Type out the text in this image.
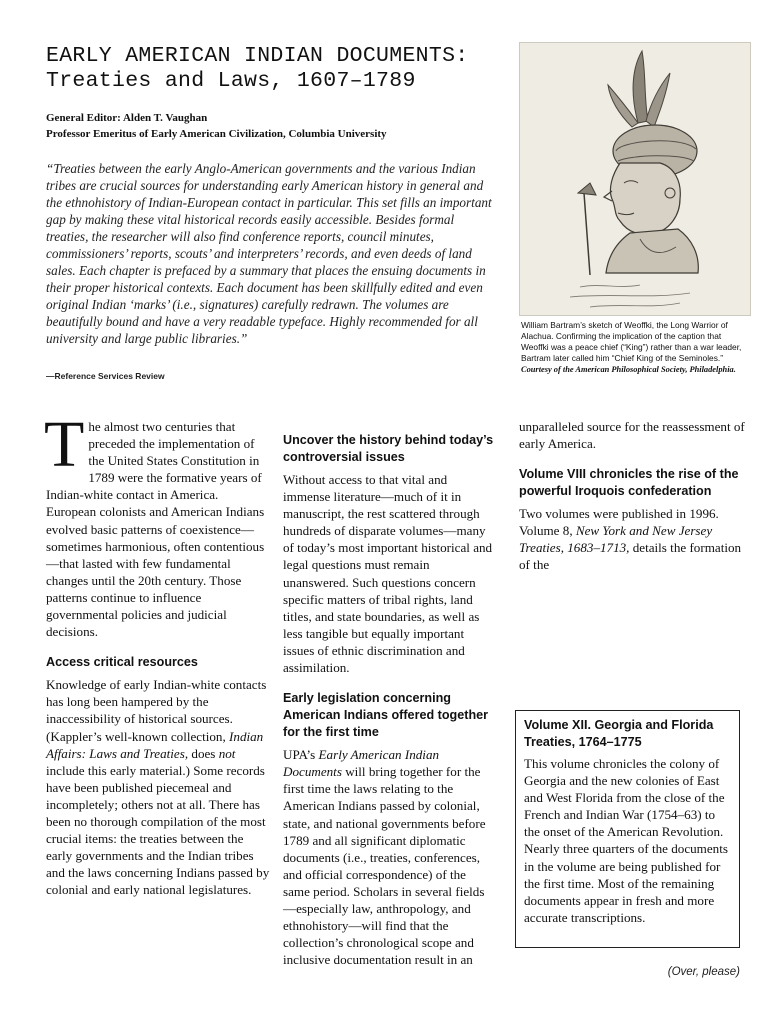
EARLY AMERICAN INDIAN DOCUMENTS:
Treaties and Laws, 1607–1789
General Editor: Alden T. Vaughan
Professor Emeritus of Early American Civilization, Columbia University
“Treaties between the early Anglo-American governments and the various Indian tribes are crucial sources for understanding early American history in general and the ethnohistory of Indian-European contact in particular. This set fills an important gap by making these vital historical records easily accessible. Besides formal treaties, the researcher will also find conference reports, council minutes, commissioners’ reports, scouts’ and interpreters’ records, and even deeds of land sales. Each chapter is prefaced by a summary that places the ensuing documents in their proper historical contexts. Each document has been skillfully edited and even original Indian ‘marks’ (i.e., signatures) carefully redrawn. The volumes are beautifully bound and have a very readable typeface. Highly recommended for all university and large public libraries.”
—Reference Services Review
William Bartram’s sketch of Weoffki, the Long Warrior of Alachua. Confirming the implication of the caption that Weoffki was a peace chief (“King”) rather than a war leader, Bartram later called him “Chief King of the Seminoles.” Courtesy of the American Philosophical Society, Philadelphia.

The almost two centuries that preceded the implementation of the United States Constitution in 1789 were the formative years of Indian-white contact in America. European colonists and American Indians evolved basic patterns of coexistence—sometimes harmonious, often contentious—that lasted with few fundamental changes until the 20th century. Those patterns continue to influence governmental policies and judicial decisions.

Access critical resources

Knowledge of early Indian-white contacts has long been hampered by the inaccessibility of historical sources. (Kappler’s well-known collection, Indian Affairs: Laws and Treaties, does not include this early material.) Some records have been published piecemeal and incompletely; others not at all. There has been no thorough compilation of the most crucial items: the treaties between the early governments and the Indian tribes and the laws concerning Indians passed by colonial and early national legislatures.

Uncover the history behind today’s controversial issues

Without access to that vital and immense literature—much of it in manuscript, the rest scattered through hundreds of disparate volumes—many of today’s most important historical and legal questions must remain unanswered. Such questions concern specific matters of tribal rights, land titles, and state boundaries, as well as less tangible but equally important issues of ethnic discrimination and assimilation.

Early legislation concerning American Indians offered together for the first time

UPA’s Early American Indian Documents will bring together for the first time the laws relating to the American Indians passed by colonial, state, and national governments before 1789 and all significant diplomatic documents (i.e., treaties, conferences, and official correspondence) of the same period. Scholars in several fields—especially law, anthropology, and ethnohistory—will find that the collection’s chronological scope and inclusive documentation result in an

unparalleled source for the reassessment of early America.

Volume VIII chronicles the rise of the powerful Iroquois confederation

Two volumes were published in 1996. Volume 8, New York and New Jersey Treaties, 1683–1713, details the formation of the

Volume XII. Georgia and Florida Treaties, 1764–1775

This volume chronicles the colony of Georgia and the new colonies of East and West Florida from the close of the French and Indian War (1754–63) to the onset of the American Revolution. Nearly three quarters of the documents in the volume are being published for the first time. Most of the remaining documents appear in fresh and more accurate transcriptions.

(Over, please)
